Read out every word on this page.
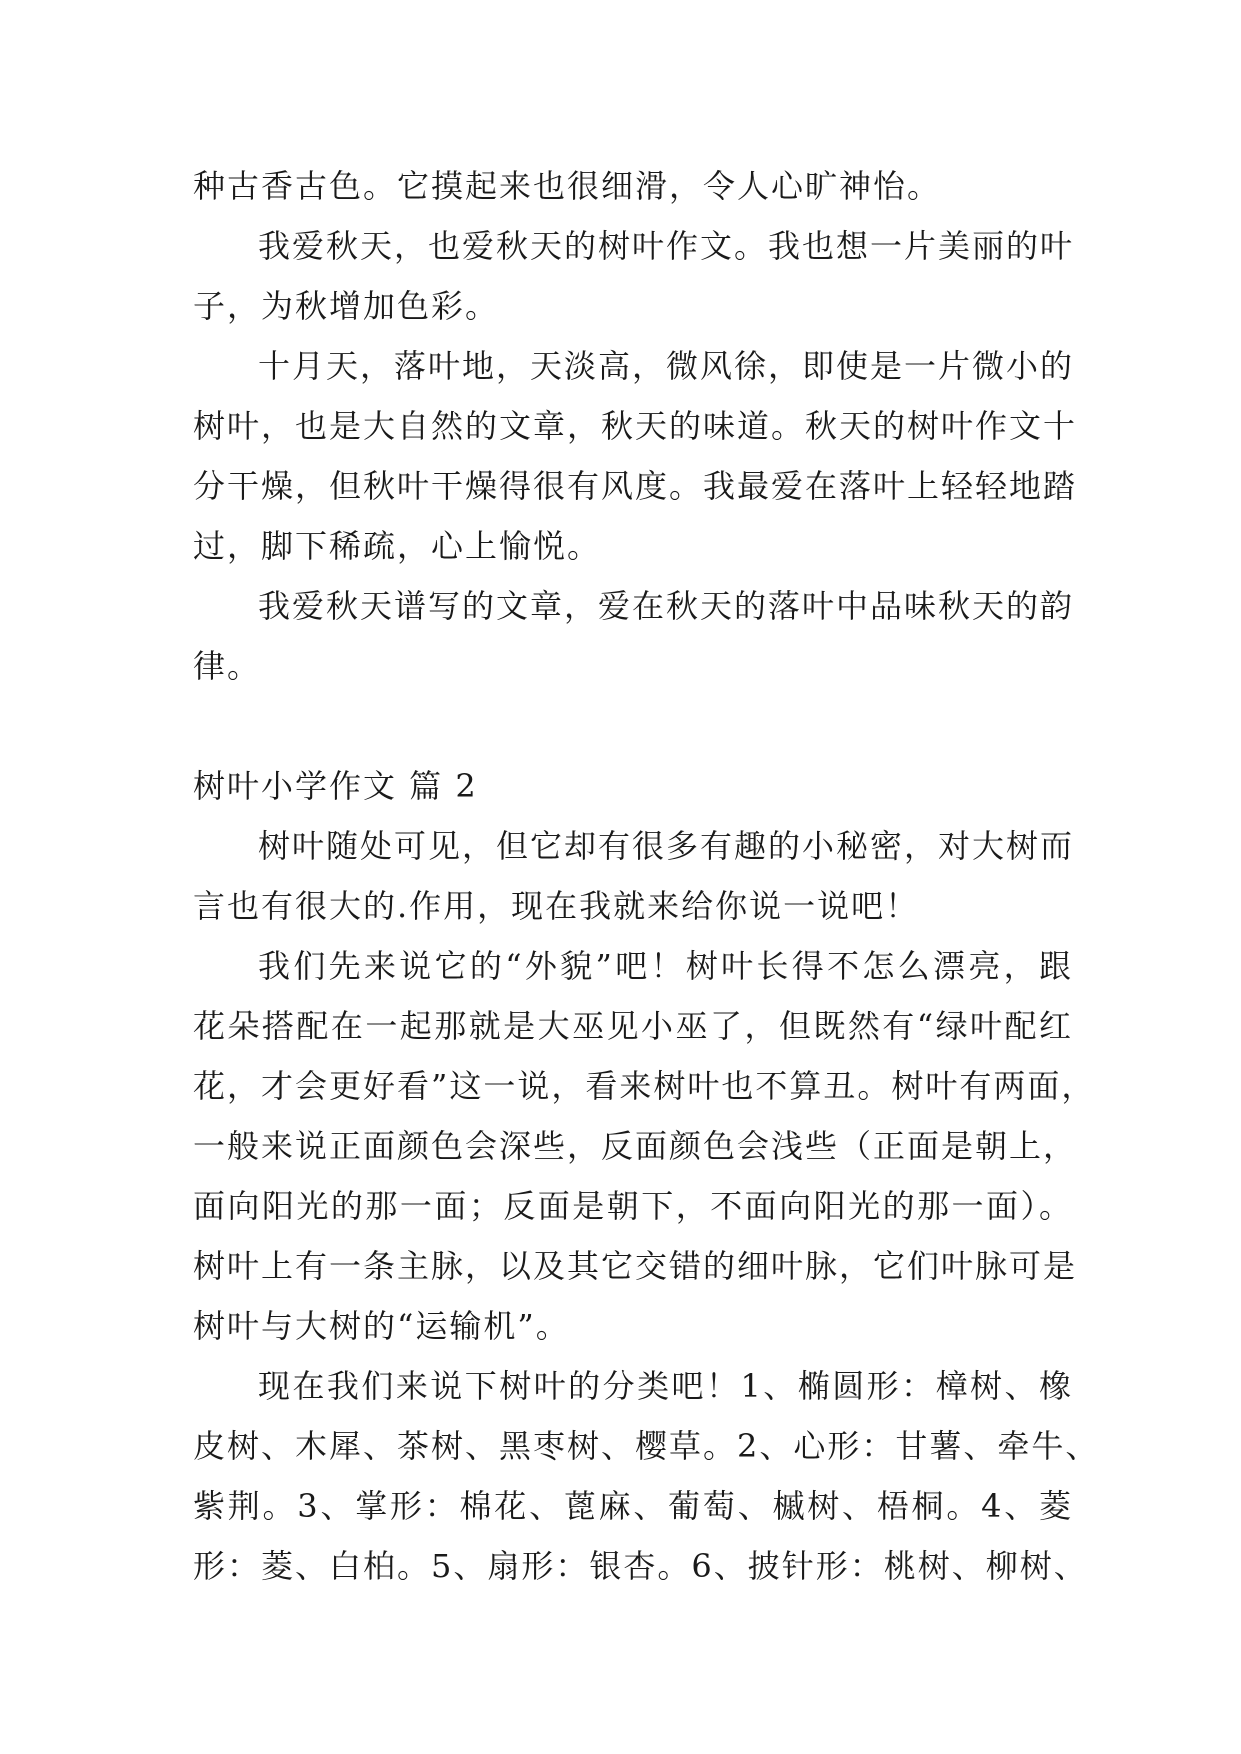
种古香古色。它摸起来也很细滑，令人心旷神怡。
我爱秋天，也爱秋天的树叶作文。我也想一片美丽的叶
子，为秋增加色彩。
十月天，落叶地，天淡高，微风徐，即使是一片微小的
树叶，也是大自然的文章，秋天的味道。秋天的树叶作文十
分干燥，但秋叶干燥得很有风度。我最爱在落叶上轻轻地踏
过，脚下稀疏，心上愉悦。
我爱秋天谱写的文章，爱在秋天的落叶中品味秋天的韵
律。
树叶小学作文 篇 2
树叶随处可见，但它却有很多有趣的小秘密，对大树而
言也有很大的.作用，现在我就来给你说一说吧！
我们先来说它的“外貌”吧！树叶长得不怎么漂亮，跟
花朵搭配在一起那就是大巫见小巫了，但既然有“绿叶配红
花，才会更好看”这一说，看来树叶也不算丑。树叶有两面，
一般来说正面颜色会深些，反面颜色会浅些（正面是朝上，
面向阳光的那一面；反面是朝下，不面向阳光的那一面）。
树叶上有一条主脉，以及其它交错的细叶脉，它们叶脉可是
树叶与大树的“运输机”。
现在我们来说下树叶的分类吧！1、椭圆形：樟树、橡
皮树、木犀、茶树、黑枣树、樱草。2、心形：甘薯、牵牛、
紫荆。3、掌形：棉花、蓖麻、葡萄、槭树、梧桐。4、菱
形：菱、白柏。5、扇形：银杏。6、披针形：桃树、柳树、
